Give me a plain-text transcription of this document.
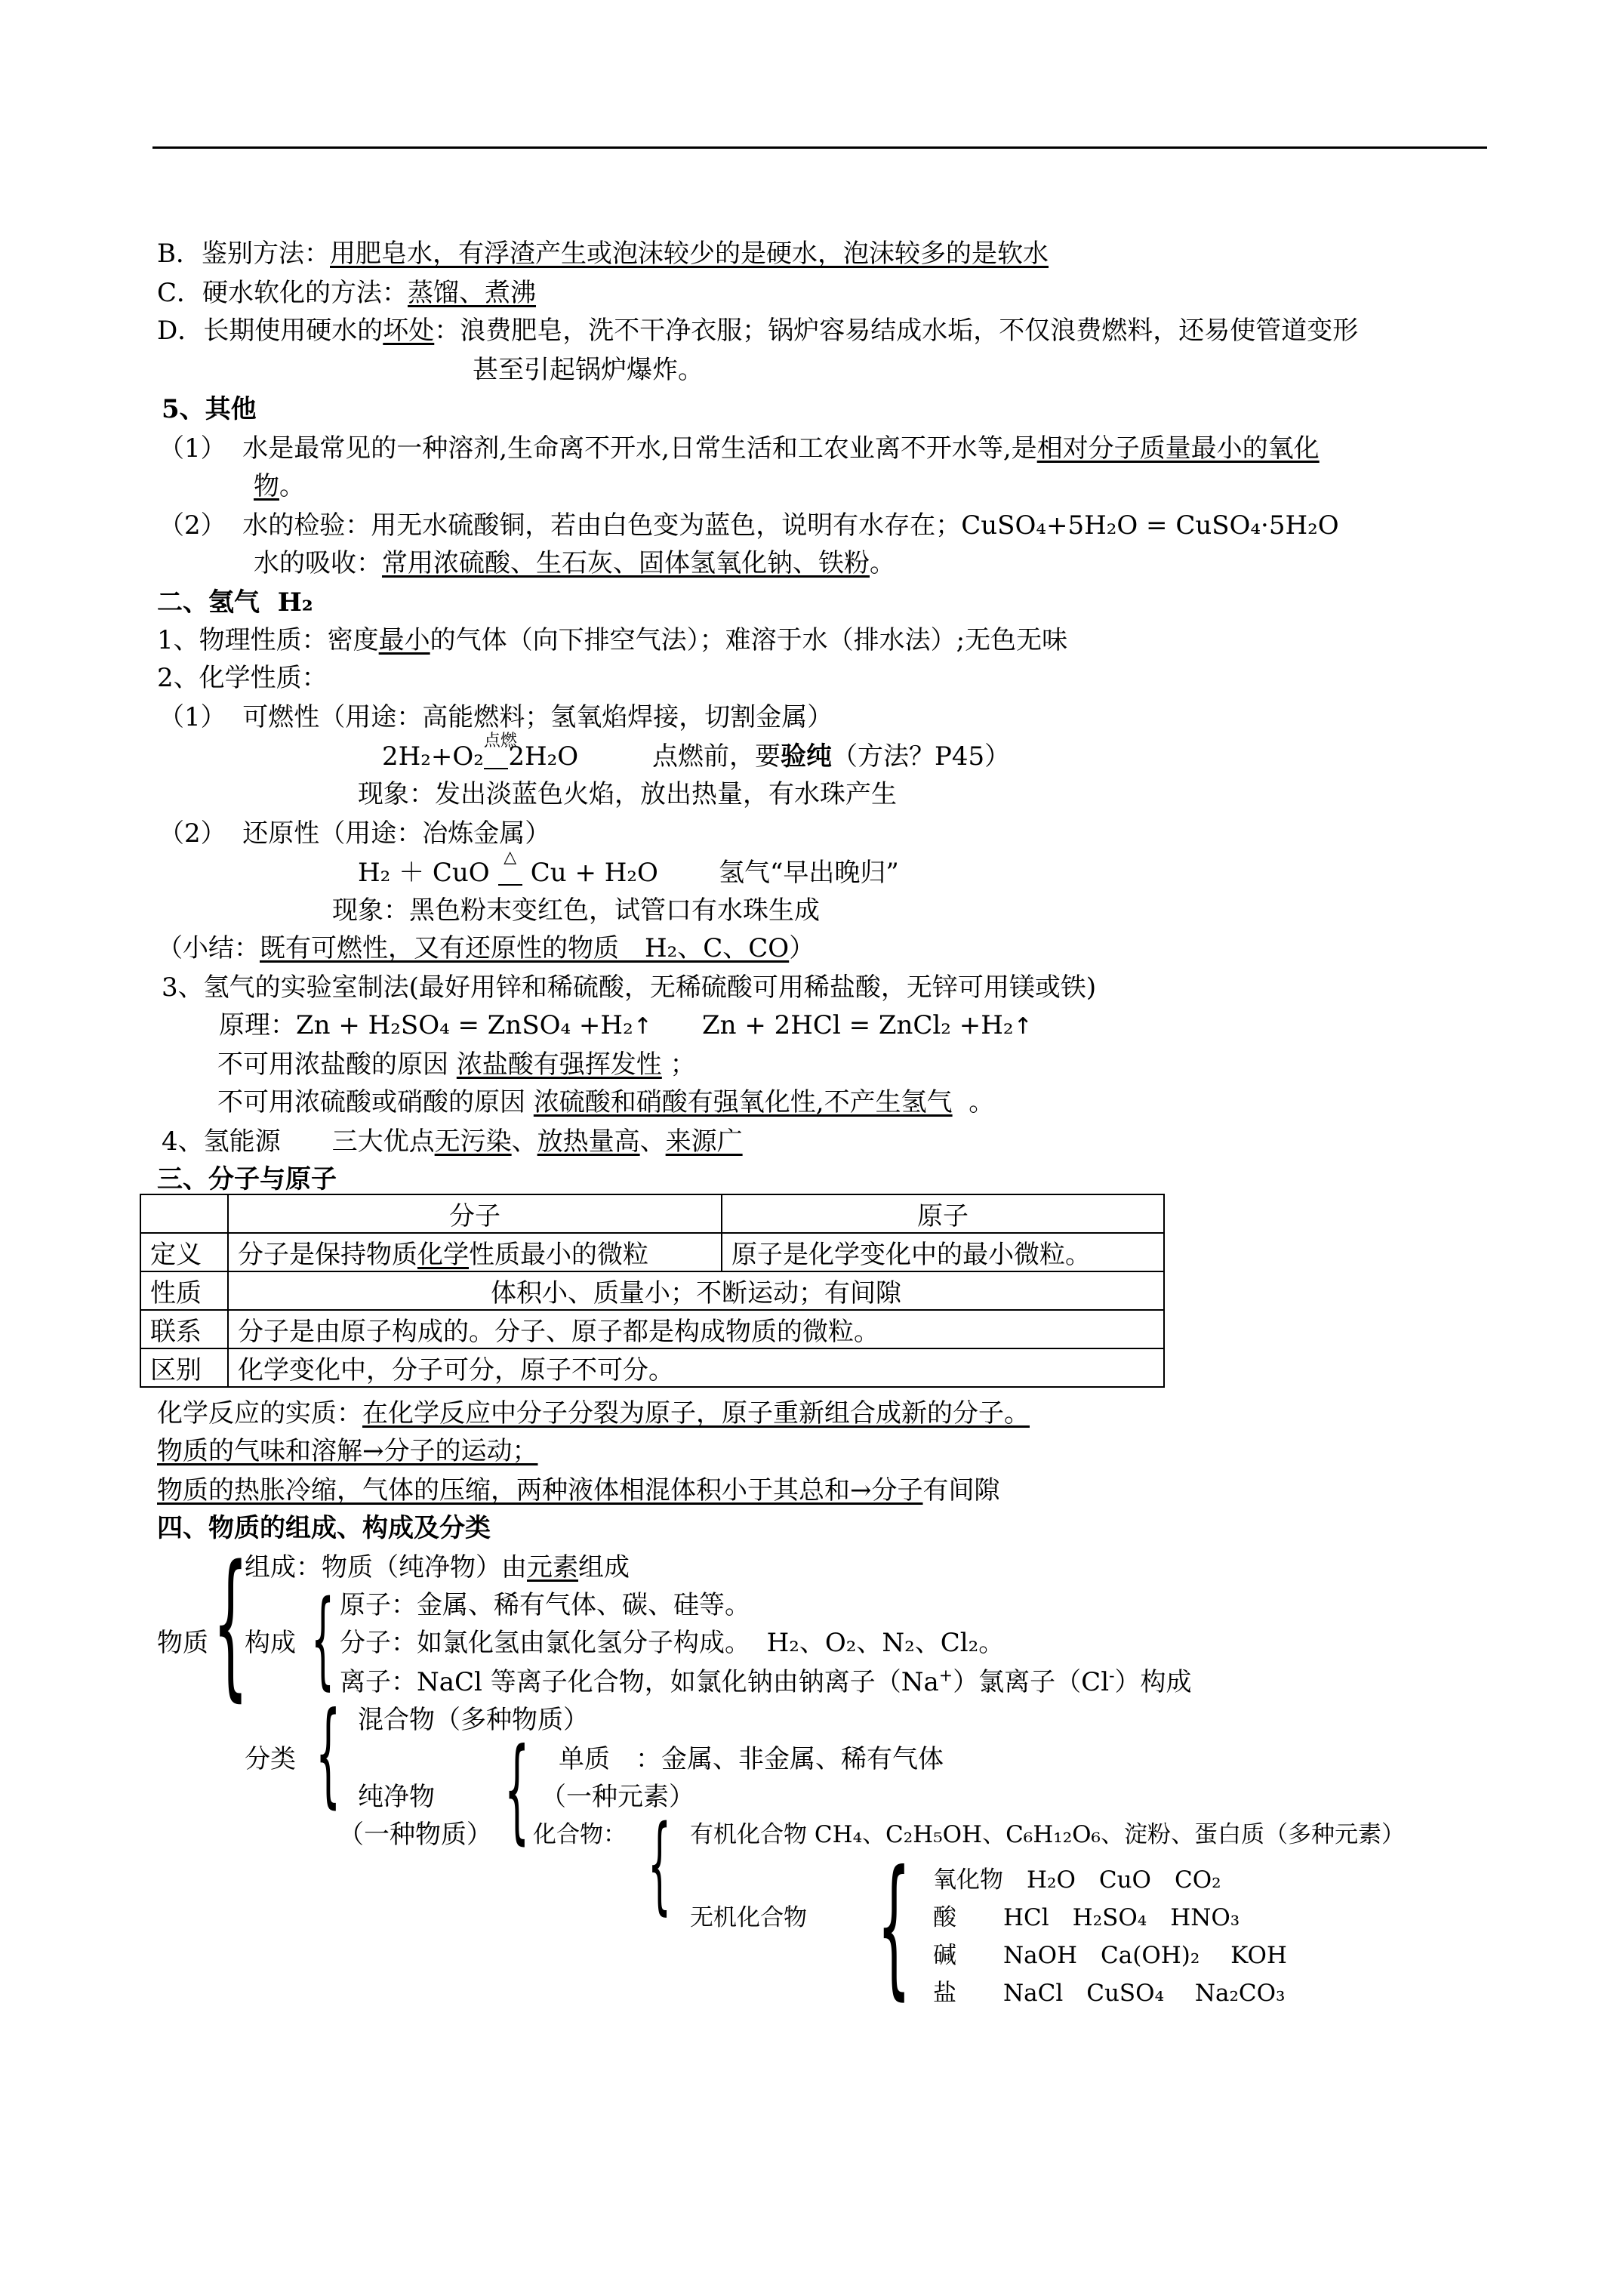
B．鉴别方法：用肥皂水，有浮渣产生或泡沫较少的是硬水，泡沫较多的是软水
C．硬水软化的方法：蒸馏、煮沸
D．长期使用硬水的坏处：浪费肥皂，洗不干净衣服；锅炉容易结成水垢，不仅浪费燃料，还易使管道变形
甚至引起锅炉爆炸。
5、其他
（1） 水是最常见的一种溶剂,生命离不开水,日常生活和工农业离不开水等,是相对分子质量最小的氧化
物。
（2） 水的检验：用无水硫酸铜，若由白色变为蓝色，说明有水存在；CuSO₄+5H₂O = CuSO₄·5H₂O
水的吸收：常用浓硫酸、生石灰、固体氢氧化钠、铁粉。
二、氢气 H₂
1、物理性质：密度最小的气体（向下排空气法）；难溶于水（排水法）;无色无味
2、化学性质：
（1） 可燃性（用途：高能燃料；氢氧焰焊接，切割金属）
2H₂+O₂
点燃
2H₂O	点燃前，要验纯（方法？P45）
现象：发出淡蓝色火焰，放出热量，有水珠产生
（2） 还原性（用途：冶炼金属）
H₂ ＋ CuO
△
Cu + H₂O 氢气“早出晚归”
现象：黑色粉末变红色，试管口有水珠生成
（小结：既有可燃性，又有还原性的物质　H₂、C、CO）
3、氢气的实验室制法(最好用锌和稀硫酸，无稀硫酸可用稀盐酸，无锌可用镁或铁)
原理：Zn + H₂SO₄ = ZnSO₄ +H₂↑ Zn + 2HCl = ZnCl₂ +H₂↑
不可用浓盐酸的原因 浓盐酸有强挥发性 ；
不可用浓硫酸或硝酸的原因 浓硫酸和硝酸有强氧化性,不产生氢气 。
4、氢能源　　三大优点无污染、放热量高、来源广
三、分子与原子
	分子	原子
定义	分子是保持物质化学性质最小的微粒	原子是化学变化中的最小微粒。
性质	体积小、质量小；不断运动；有间隙	
联系	分子是由原子构成的。分子、原子都是构成物质的微粒。	
区别	化学变化中，分子可分，原子不可分。	
化学反应的实质：在化学反应中分子分裂为原子，原子重新组合成新的分子。
物质的气味和溶解→分子的运动；
物质的热胀冷缩，气体的压缩，两种液体相混体积小于其总和→分子有间隙
四、物质的组成、构成及分类
{
物质
组成：物质（纯净物）由元素组成
{
构成
原子：金属、稀有气体、碳、硅等。
分子：如氯化氢由氯化氢分子构成。 H₂、O₂、N₂、Cl₂。
离子：NaCl 等离子化合物，如氯化钠由钠离子（Na+）氯离子（Cl-）构成
{
分类
混合物（多种物质）
纯净物
（一种物质） { 单质　：金属、非金属、稀有气体
（一种元素）
化合物： { 有机化合物 CH₄、C₂H₅OH、C₆H₁₂O₆、淀粉、蛋白质（多种元素）
无机化合物 { 氧化物　H₂O　CuO　CO₂
酸　　HCl　H₂SO₄　HNO₃
碱　　NaOH　Ca(OH)₂　 KOH
盐　　NaCl　CuSO₄　 Na₂CO₃
